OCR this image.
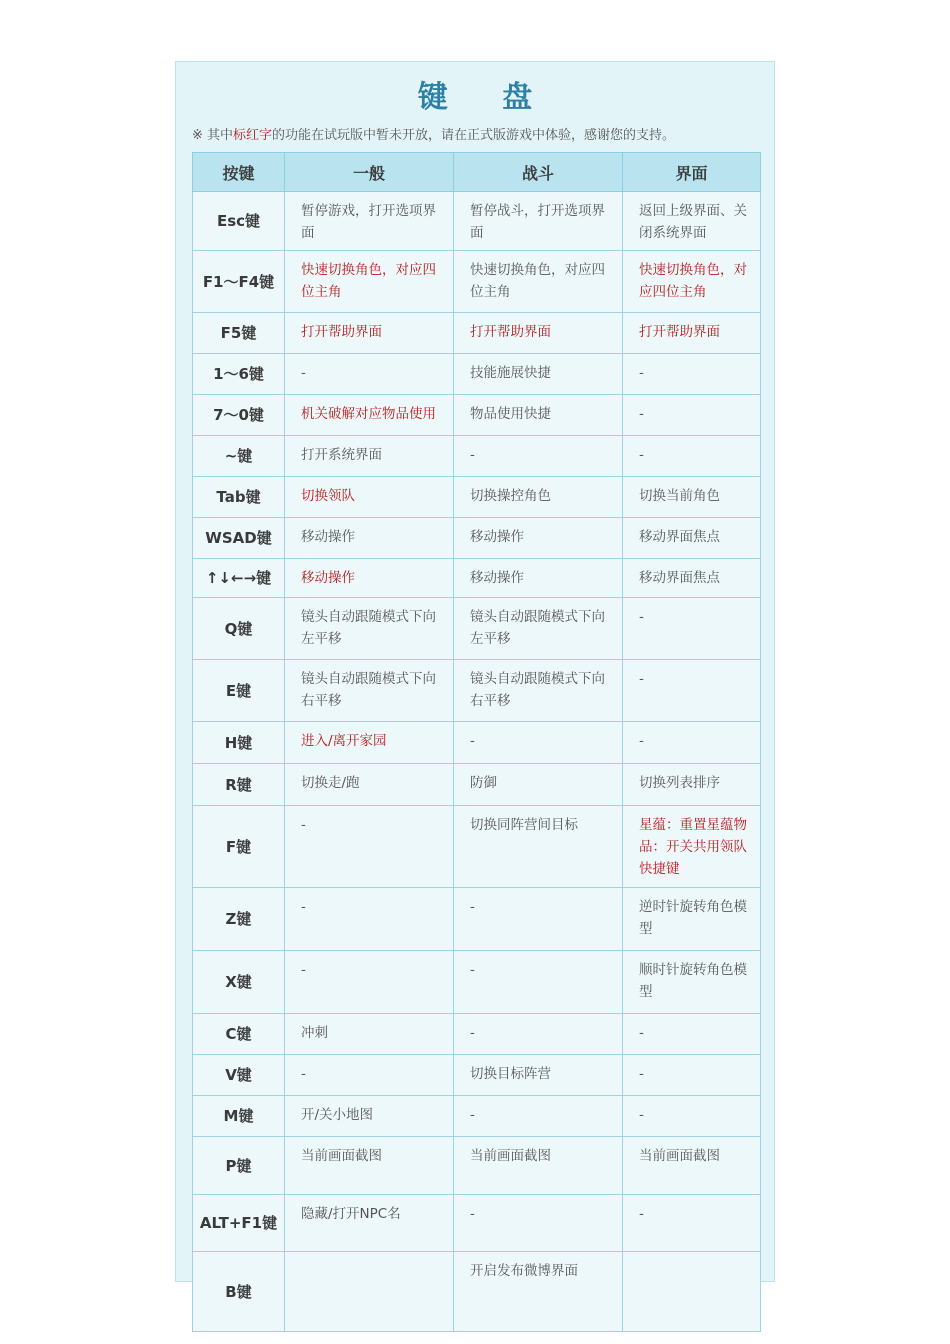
键 盘
※ 其中标红字的功能在试玩版中暂未开放，请在正式版游戏中体验，感谢您的支持。
按键	一般	战斗	界面
Esc键	暂停游戏，打开选项界面	暂停战斗，打开选项界面	返回上级界面、关闭系统界面
F1～F4键	快速切换角色，对应四位主角	快速切换角色，对应四位主角	快速切换角色，对应四位主角
F5键	打开帮助界面	打开帮助界面	打开帮助界面
1～6键	-	技能施展快捷	-
7～0键	机关破解对应物品使用	物品使用快捷	-
~键	打开系统界面	-	-
Tab键	切换领队	切换操控角色	切换当前角色
WSAD键	移动操作	移动操作	移动界面焦点
↑↓←→键	移动操作	移动操作	移动界面焦点
Q键	镜头自动跟随模式下向左平移	镜头自动跟随模式下向左平移	-
E键	镜头自动跟随模式下向右平移	镜头自动跟随模式下向右平移	-
H键	进入/离开家园	-	-
R键	切换走/跑	防御	切换列表排序
F键	-	切换同阵营间目标	星蕴：重置星蕴物品：开关共用领队快捷键
Z键	-	-	逆时针旋转角色模型
X键	-	-	顺时针旋转角色模型
C键	冲刺	-	-
V键	-	切换目标阵营	-
M键	开/关小地图	-	-
P键	当前画面截图	当前画面截图	当前画面截图
ALT+F1键	隐藏/打开NPC名	-	-
B键		开启发布微博界面	
